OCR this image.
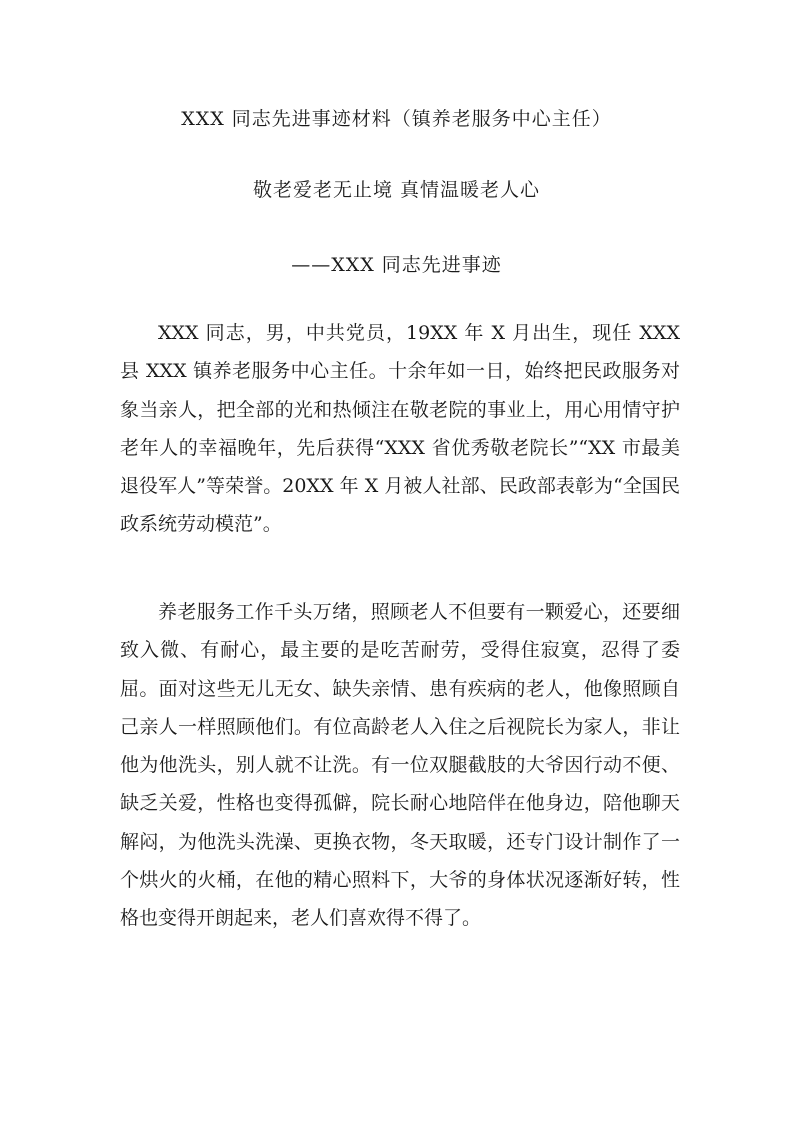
XXX 同志先进事迹材料（镇养老服务中心主任）
敬老爱老无止境 真情温暖老人心
——XXX 同志先进事迹

XXX 同志，男，中共党员，19XX 年 X 月出生，现任 XXX 县 XXX 镇养老服务中心主任。十余年如一日，始终把民政服务对象当亲人，把全部的光和热倾注在敬老院的事业上，用心用情守护老年人的幸福晚年，先后获得“XXX 省优秀敬老院长”“XX 市最美退役军人”等荣誉。20XX 年 X 月被人社部、民政部表彰为“全国民政系统劳动模范”。

养老服务工作千头万绪，照顾老人不但要有一颗爱心，还要细致入微、有耐心，最主要的是吃苦耐劳，受得住寂寞，忍得了委屈。面对这些无儿无女、缺失亲情、患有疾病的老人，他像照顾自己亲人一样照顾他们。有位高龄老人入住之后视院长为家人，非让他为他洗头，别人就不让洗。有一位双腿截肢的大爷因行动不便、缺乏关爱，性格也变得孤僻，院长耐心地陪伴在他身边，陪他聊天解闷，为他洗头洗澡、更换衣物，冬天取暖，还专门设计制作了一个烘火的火桶，在他的精心照料下，大爷的身体状况逐渐好转，性格也变得开朗起来，老人们喜欢得不得了。
